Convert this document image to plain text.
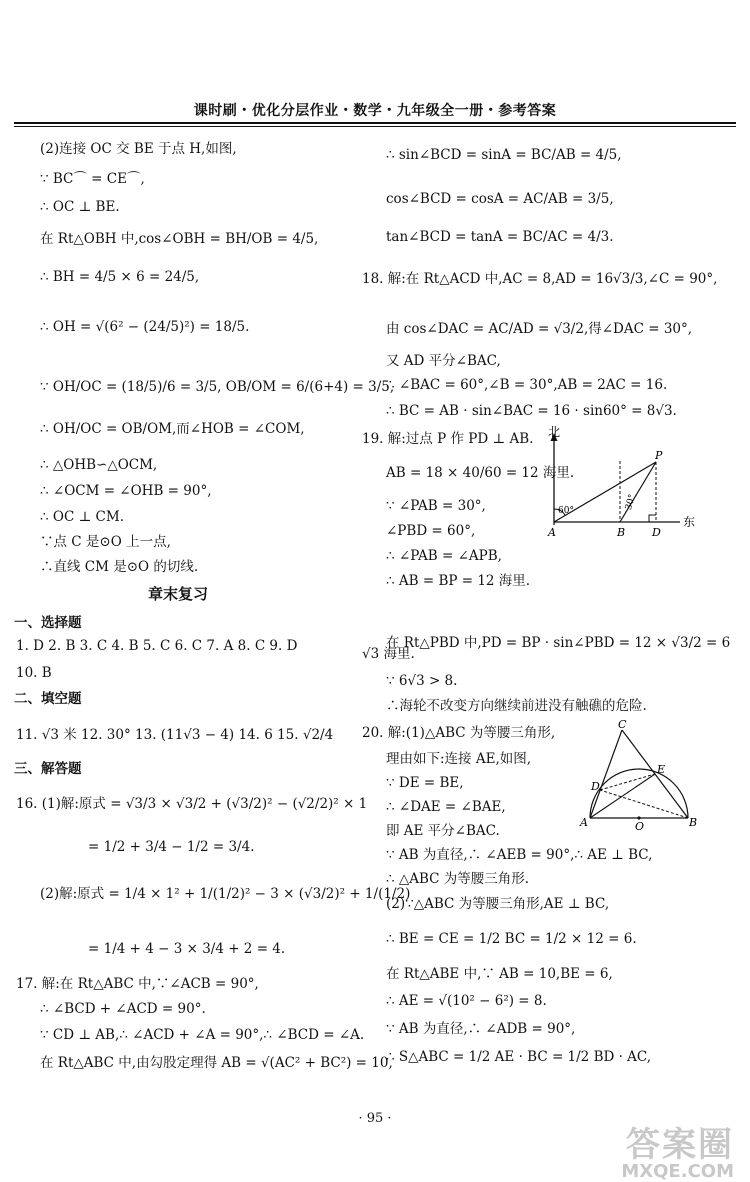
课时刷・优化分层作业・数学・九年级全一册・参考答案
(2)连接 OC 交 BE 于点 H,如图,
∵ BC⌒ = CE⌒,
∴ OC ⊥ BE.
在 Rt△OBH 中,cos∠OBH = BH/OB = 4/5,
∴ BH = 4/5 × 6 = 24/5,
∴ OH = √(6² − (24/5)²) = 18/5.
∵ OH/OC = (18/5)/6 = 3/5, OB/OM = 6/(6+4) = 3/5,
∴ OH/OC = OB/OM,而∠HOB = ∠COM,
∴ △OHB∽△OCM,
∴ ∠OCM = ∠OHB = 90°,
∴ OC ⊥ CM.
∵点 C 是⊙O 上一点,
∴直线 CM 是⊙O 的切线.
章末复习
一、选择题
1. D 2. B 3. C 4. B 5. C 6. C 7. A 8. C 9. D
10. B
二、填空题
11. √3 米 12. 30° 13. (11√3 − 4) 14. 6 15. √2/4
三、解答题
16. (1)解:原式 = √3/3 × √3/2 + (√3/2)² − (√2/2)² × 1
= 1/2 + 3/4 − 1/2 = 3/4.
(2)解:原式 = 1/4 × 1² + 1/(1/2)² − 3 × (√3/2)² + 1/(1/2)
= 1/4 + 4 − 3 × 3/4 + 2 = 4.
17. 解:在 Rt△ABC 中,∵∠ACB = 90°,
∴ ∠BCD + ∠ACD = 90°.
∵ CD ⊥ AB,∴ ∠ACD + ∠A = 90°,∴ ∠BCD = ∠A.
在 Rt△ABC 中,由勾股定理得 AB = √(AC² + BC²) = 10,
∴ sin∠BCD = sinA = BC/AB = 4/5,
cos∠BCD = cosA = AC/AB = 3/5,
tan∠BCD = tanA = BC/AC = 4/3.
18. 解:在 Rt△ACD 中,AC = 8,AD = 16√3/3,∠C = 90°,
由 cos∠DAC = AC/AD = √3/2,得∠DAC = 30°,
又 AD 平分∠BAC,
∴ ∠BAC = 60°,∠B = 30°,AB = 2AC = 16.
∴ BC = AB · sin∠BAC = 16 · sin60° = 8√3.
19. 解:过点 P 作 PD ⊥ AB.
AB = 18 × 40/60 = 12 海里.
∵ ∠PAB = 30°,
∠PBD = 60°,
∴ ∠PAB = ∠APB,
∴ AB = BP = 12 海里.
在 Rt△PBD 中,PD = BP · sin∠PBD = 12 × √3/2 = 6
√3 海里.
∵ 6√3 > 8.
∴海轮不改变方向继续前进没有触礁的危险.
20. 解:(1)△ABC 为等腰三角形,
理由如下:连接 AE,如图,
∵ DE = BE,
∴ ∠DAE = ∠BAE,
即 AE 平分∠BAC.
∵ AB 为直径,∴ ∠AEB = 90°,∴ AE ⊥ BC,
∴ △ABC 为等腰三角形.
(2)∵△ABC 为等腰三角形,AE ⊥ BC,
∴ BE = CE = 1/2 BC = 1/2 × 12 = 6.
在 Rt△ABE 中,∵ AB = 10,BE = 6,
∴ AE = √(10² − 6²) = 8.
∵ AB 为直径,∴ ∠ADB = 90°,
∴ S△ABC = 1/2 AE · BC = 1/2 BD · AC,
北
东
60°	30°
A	B D
P
C
D
E
A	B
O
· 95 ·
答案圈
MXQE.COM
